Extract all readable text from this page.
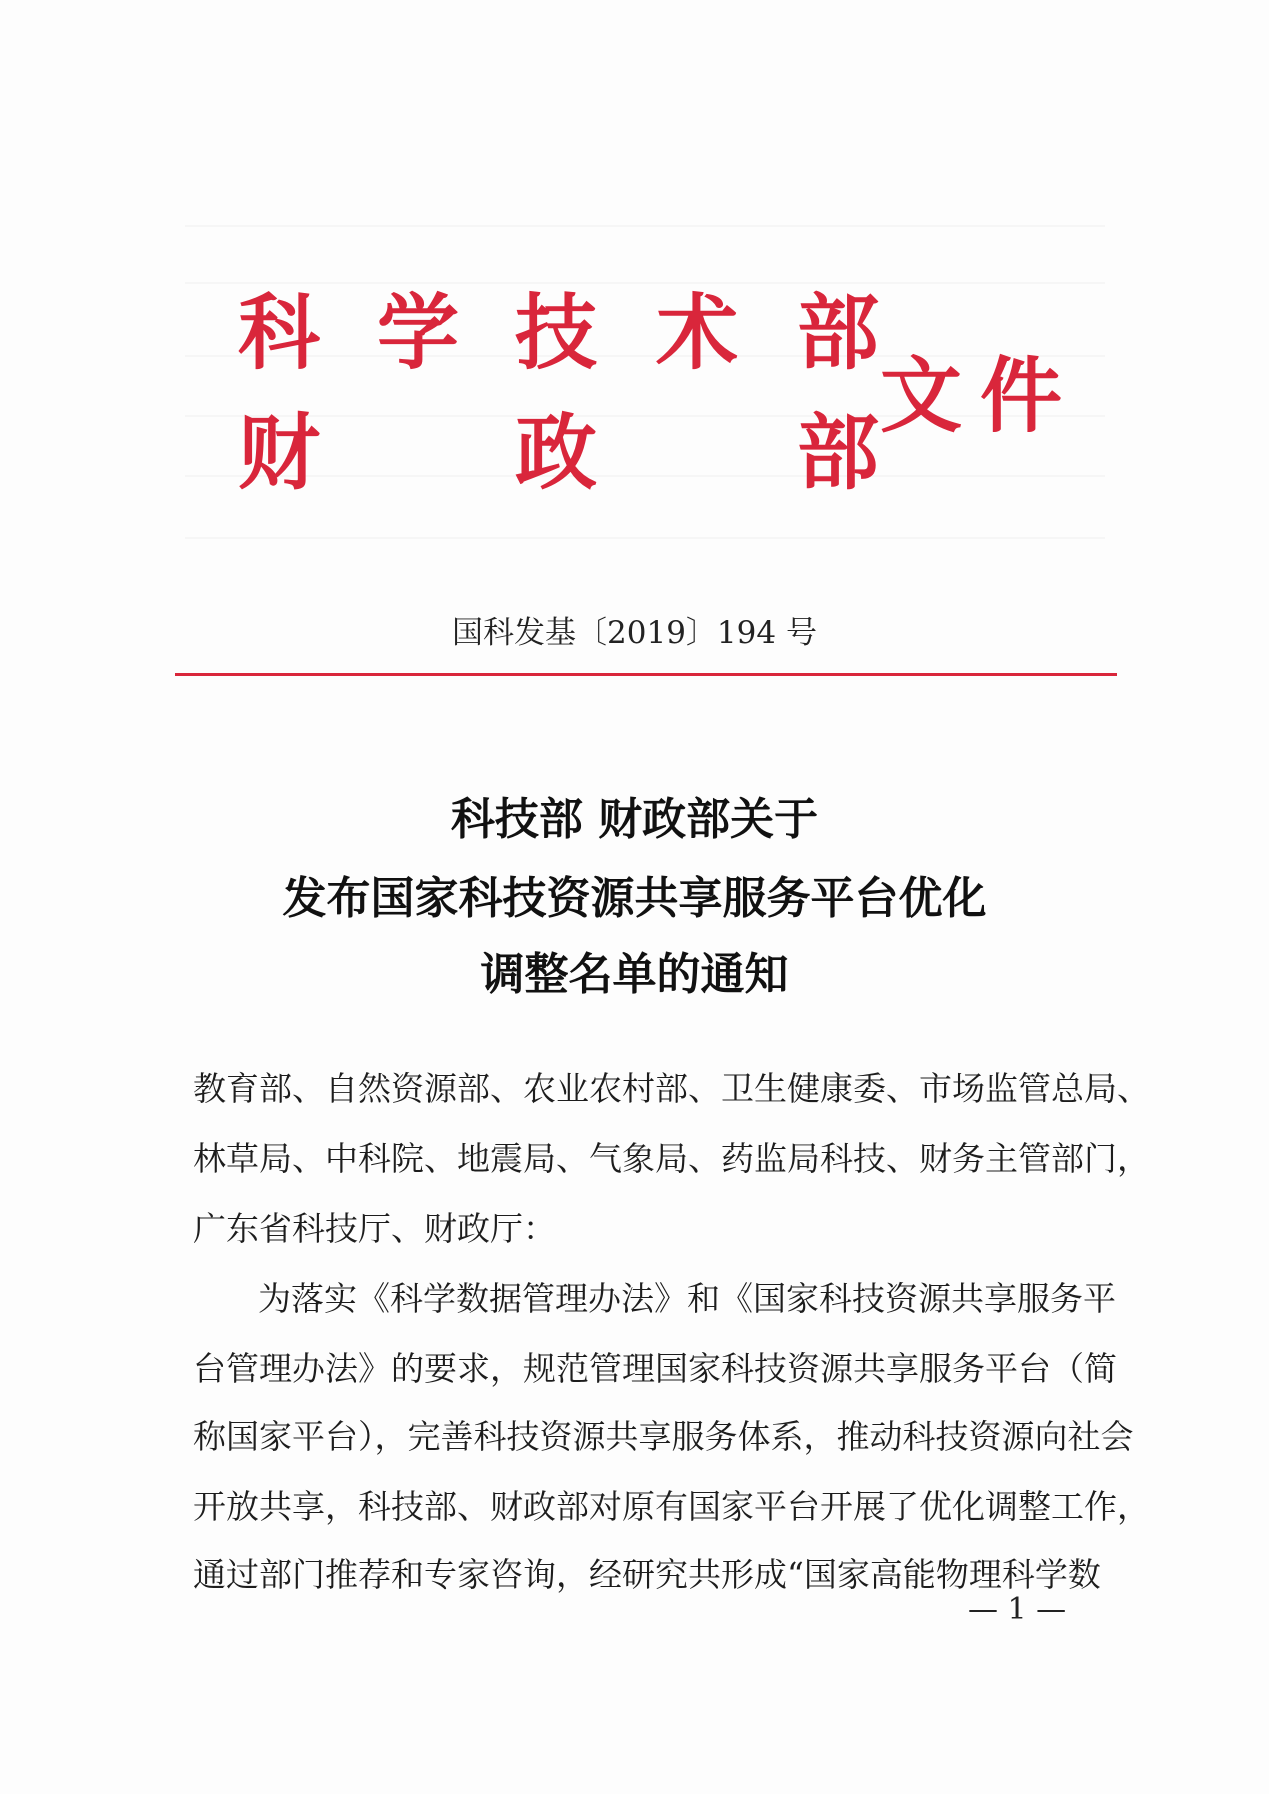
科 学 技 术 部
财 政 部
文件
国科发基〔2019〕194 号
科技部 财政部关于
发布国家科技资源共享服务平台优化
调整名单的通知
教育部、自然资源部、农业农村部、卫生健康委、市场监管总局、
林草局、中科院、地震局、气象局、药监局科技、财务主管部门，
广东省科技厅、财政厅：
为落实《科学数据管理办法》和《国家科技资源共享服务平
台管理办法》的要求，规范管理国家科技资源共享服务平台（简
称国家平台），完善科技资源共享服务体系，推动科技资源向社会
开放共享，科技部、财政部对原有国家平台开展了优化调整工作，
通过部门推荐和专家咨询，经研究共形成“国家高能物理科学数
— 1 —
